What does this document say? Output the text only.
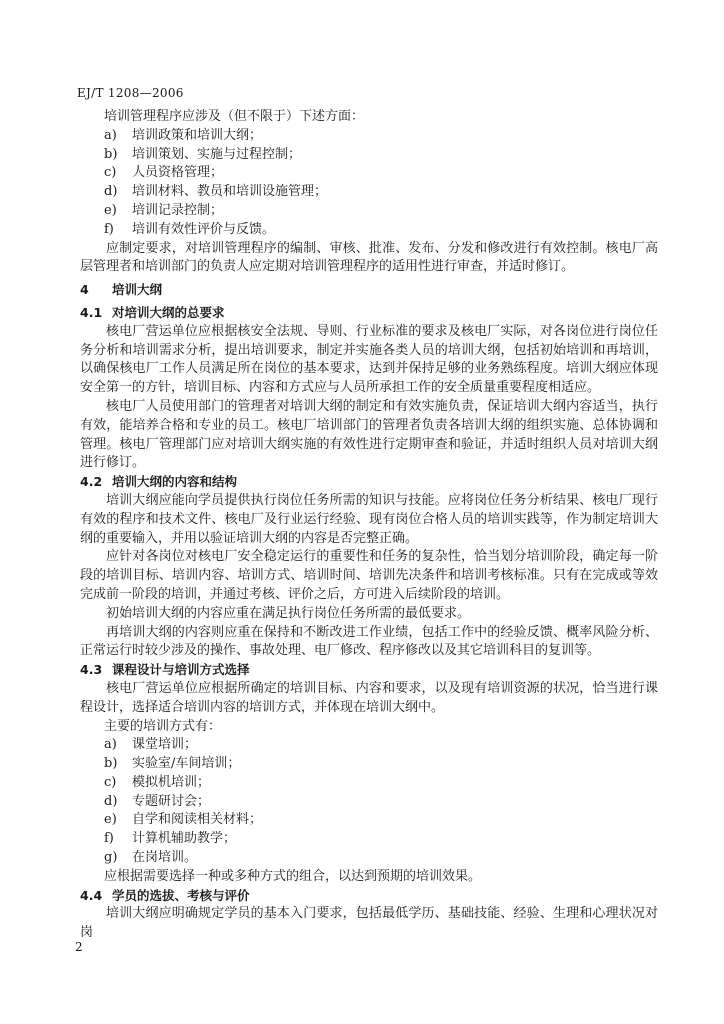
EJ/T 1208—2006
培训管理程序应涉及（但不限于）下述方面：
a) 培训政策和培训大纲；
b) 培训策划、实施与过程控制；
c) 人员资格管理；
d) 培训材料、教员和培训设施管理；
e) 培训记录控制；
f) 培训有效性评价与反馈。
应制定要求，对培训管理程序的编制、审核、批准、发布、分发和修改进行有效控制。核电厂高层管理者和培训部门的负责人应定期对培训管理程序的适用性进行审查，并适时修订。
4 培训大纲
4.1 对培训大纲的总要求
核电厂营运单位应根据核安全法规、导则、行业标准的要求及核电厂实际，对各岗位进行岗位任务分析和培训需求分析，提出培训要求，制定并实施各类人员的培训大纲，包括初始培训和再培训，以确保核电厂工作人员满足所在岗位的基本要求，达到并保持足够的业务熟练程度。培训大纲应体现安全第一的方针，培训目标、内容和方式应与人员所承担工作的安全质量重要程度相适应。
核电厂人员使用部门的管理者对培训大纲的制定和有效实施负责，保证培训大纲内容适当，执行有效，能培养合格和专业的员工。核电厂培训部门的管理者负责各培训大纲的组织实施、总体协调和管理。核电厂管理部门应对培训大纲实施的有效性进行定期审查和验证，并适时组织人员对培训大纲进行修订。
4.2 培训大纲的内容和结构
培训大纲应能向学员提供执行岗位任务所需的知识与技能。应将岗位任务分析结果、核电厂现行有效的程序和技术文件、核电厂及行业运行经验、现有岗位合格人员的培训实践等，作为制定培训大纲的重要输入，并用以验证培训大纲的内容是否完整正确。
应针对各岗位对核电厂安全稳定运行的重要性和任务的复杂性，恰当划分培训阶段，确定每一阶段的培训目标、培训内容、培训方式、培训时间、培训先决条件和培训考核标准。只有在完成或等效完成前一阶段的培训，并通过考核、评价之后，方可进入后续阶段的培训。
初始培训大纲的内容应重在满足执行岗位任务所需的最低要求。
再培训大纲的内容则应重在保持和不断改进工作业绩，包括工作中的经验反馈、概率风险分析、正常运行时较少涉及的操作、事故处理、电厂修改、程序修改以及其它培训科目的复训等。
4.3 课程设计与培训方式选择
核电厂营运单位应根据所确定的培训目标、内容和要求，以及现有培训资源的状况，恰当进行课程设计，选择适合培训内容的培训方式，并体现在培训大纲中。
主要的培训方式有：
a) 课堂培训；
b) 实验室/车间培训；
c) 模拟机培训；
d) 专题研讨会；
e) 自学和阅读相关材料；
f) 计算机辅助教学；
g) 在岗培训。
应根据需要选择一种或多种方式的组合，以达到预期的培训效果。
4.4 学员的选拔、考核与评价
培训大纲应明确规定学员的基本入门要求，包括最低学历、基础技能、经验、生理和心理状况对岗
2
